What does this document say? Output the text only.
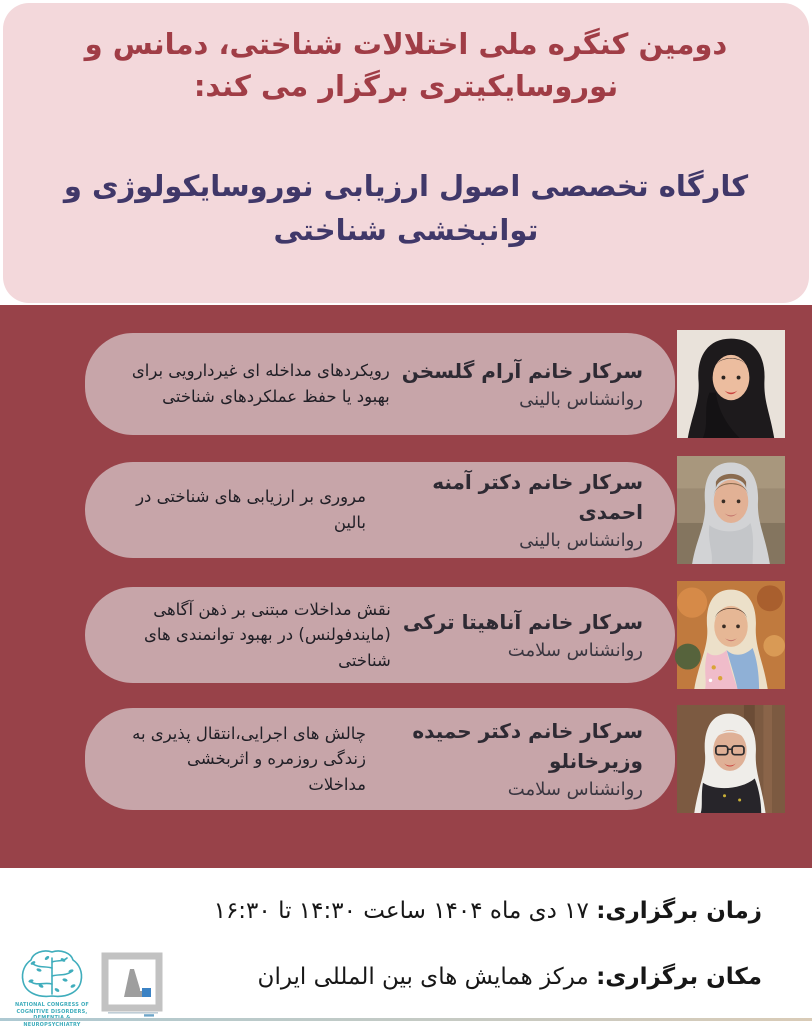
دومین کنگره ملی اختلالات شناختی، دمانس و
نوروسایکیتری برگزار می کند:
کارگاه تخصصی اصول ارزیابی نوروسایکولوژی و
توانبخشی شناختی
سرکار خانم آرام گلسخن
روانشناس بالینی
رویکردهای مداخله ای غیردارویی برای بهبود یا حفظ عملکردهای شناختی
سرکار خانم دکتر آمنه احمدی
روانشناس بالینی
مروری بر ارزیابی های شناختی در بالین
سرکار خانم آناهیتا ترکی
روانشناس سلامت
نقش مداخلات مبتنی بر ذهن آگاهی (مایندفولنس) در بهبود توانمندی های شناختی
سرکار خانم دکتر حمیده وزیرخانلو
روانشناس سلامت
چالش های اجرایی،انتقال پذیری به زندگی روزمره و اثربخشی مداخلات
زمان برگزاری: ۱۷ دی ماه ۱۴۰۴ ساعت ۱۴:۳۰ تا ۱۶:۳۰
مکان برگزاری: مرکز همایش های بین المللی ایران
NATIONAL CONGRESS OF
COGNITIVE DISORDERS,
NEUROPSYCHIATRY
